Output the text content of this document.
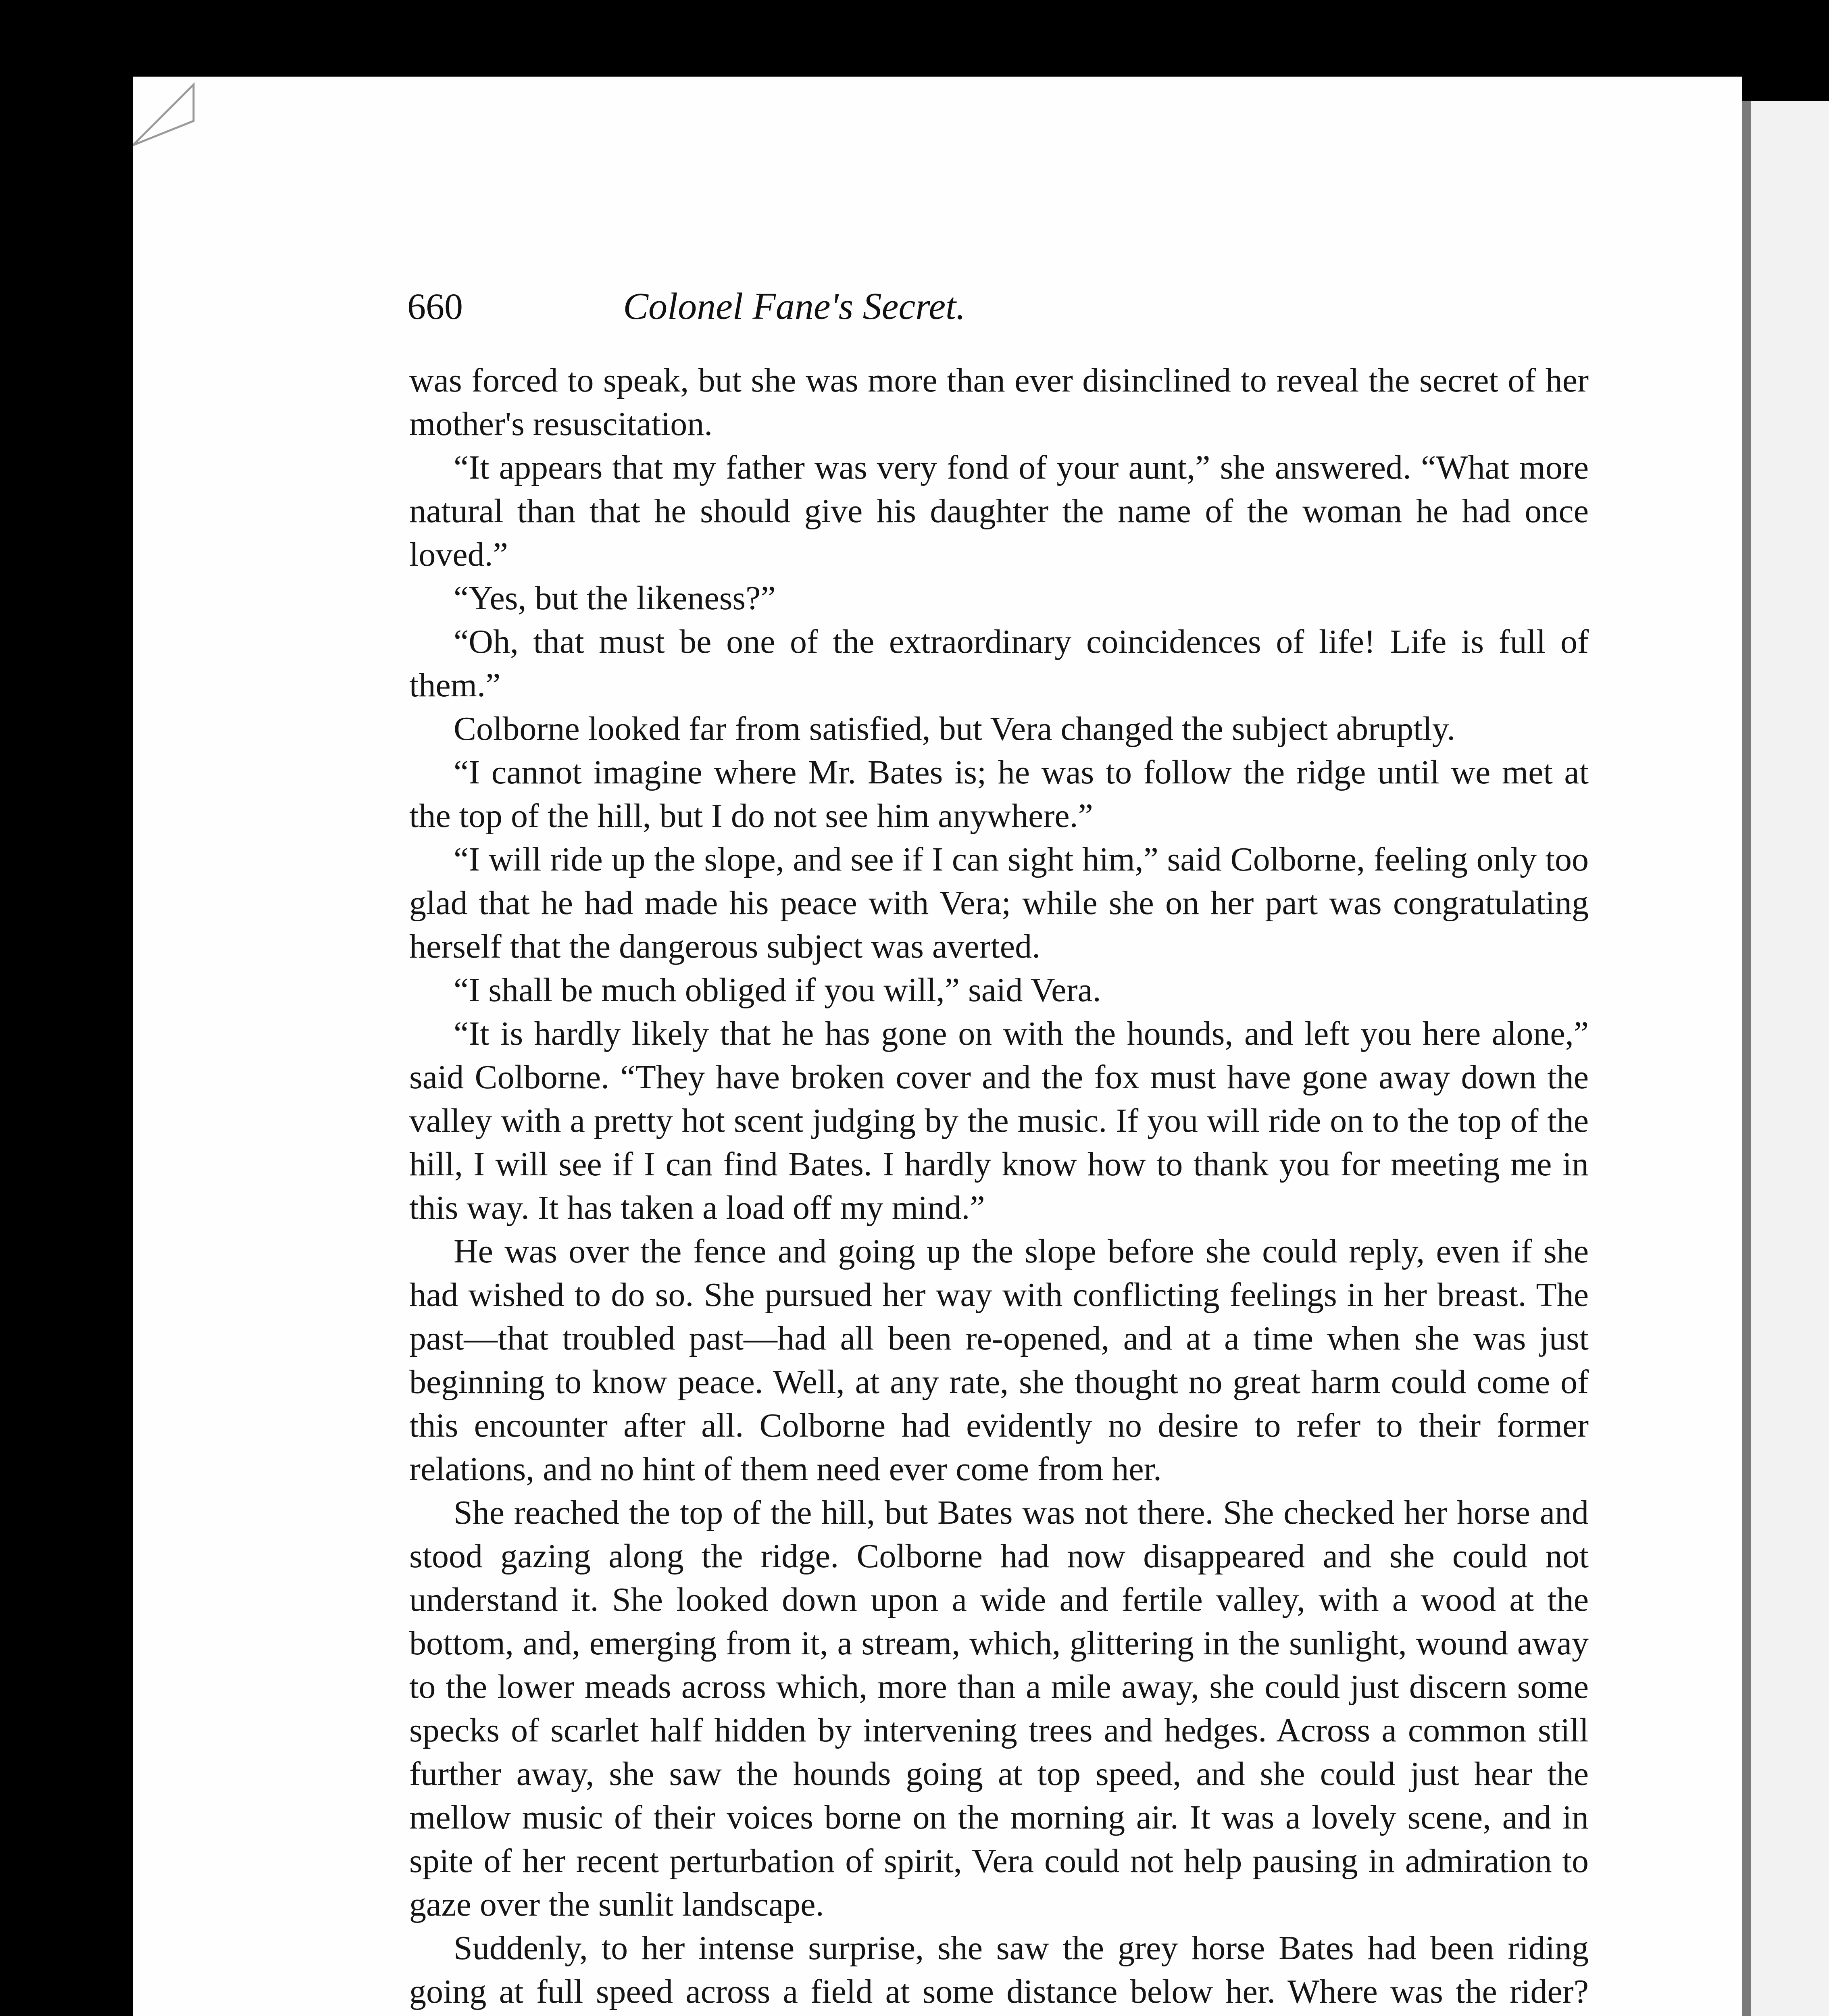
660	Colonel Fane's Secret.

was forced to speak, but she was more than ever disinclined to reveal the secret of her mother's resuscitation.

“It appears that my father was very fond of your aunt,” she answered. “What more natural than that he should give his daughter the name of the woman he had once loved.”

“Yes, but the likeness?”

“Oh, that must be one of the extraordinary coincidences of life! Life is full of them.”

Colborne looked far from satisfied, but Vera changed the subject abruptly.

“I cannot imagine where Mr. Bates is; he was to follow the ridge until we met at the top of the hill, but I do not see him anywhere.”

“I will ride up the slope, and see if I can sight him,” said Colborne, feeling only too glad that he had made his peace with Vera; while she on her part was congratulating herself that the dangerous subject was averted.

“I shall be much obliged if you will,” said Vera.

“It is hardly likely that he has gone on with the hounds, and left you here alone,” said Colborne. “They have broken cover and the fox must have gone away down the valley with a pretty hot scent judging by the music. If you will ride on to the top of the hill, I will see if I can find Bates. I hardly know how to thank you for meeting me in this way. It has taken a load off my mind.”

He was over the fence and going up the slope before she could reply, even if she had wished to do so. She pursued her way with conflicting feelings in her breast. The past—that troubled past—had all been re-opened, and at a time when she was just beginning to know peace. Well, at any rate, she thought no great harm could come of this encounter after all. Colborne had evidently no desire to refer to their former relations, and no hint of them need ever come from her.

She reached the top of the hill, but Bates was not there. She checked her horse and stood gazing along the ridge. Colborne had now disappeared and she could not understand it. She looked down upon a wide and fertile valley, with a wood at the bottom, and, emerging from it, a stream, which, glittering in the sunlight, wound away to the lower meads across which, more than a mile away, she could just discern some specks of scarlet half hidden by intervening trees and hedges. Across a common still further away, she saw the hounds going at top speed, and she could just hear the mellow music of their voices borne on the morning air. It was a lovely scene, and in spite of her recent perturbation of spirit, Vera could not help pausing in admiration to gaze over the sunlit landscape.

Suddenly, to her intense surprise, she saw the grey horse Bates had been riding going at full speed across a field at some distance below her. Where was the rider?
